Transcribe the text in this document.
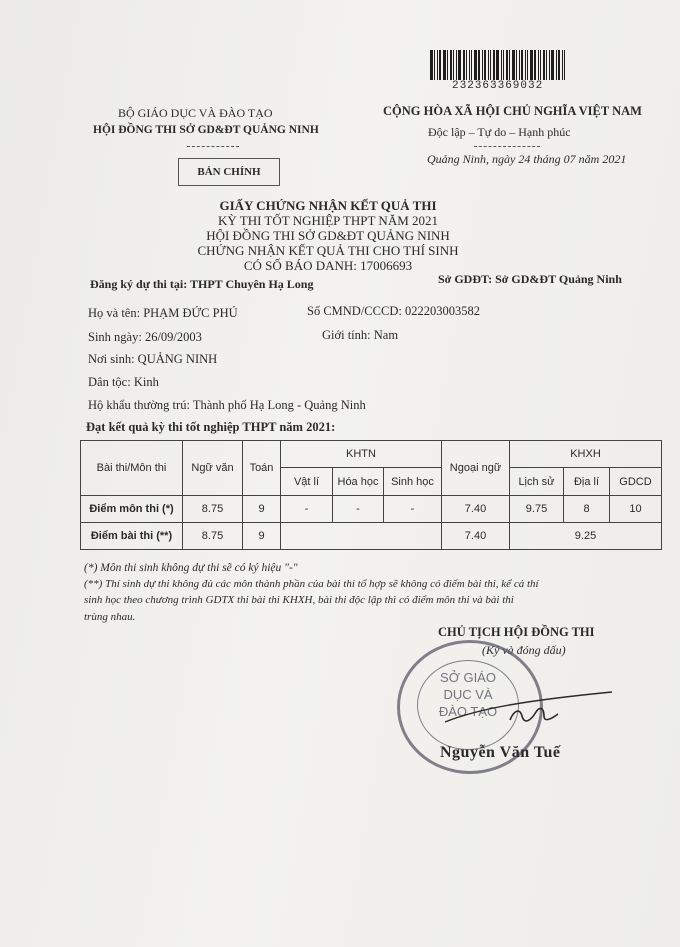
232363369032
BỘ GIÁO DỤC VÀ ĐÀO TẠO
HỘI ĐỒNG THI SỞ GD&ĐT QUẢNG NINH
BẢN CHÍNH
CỘNG HÒA XÃ HỘI CHỦ NGHĨA VIỆT NAM
Độc lập – Tự do – Hạnh phúc
Quảng Ninh, ngày 24 tháng 07 năm 2021
GIẤY CHỨNG NHẬN KẾT QUẢ THI
KỲ THI TỐT NGHIỆP THPT NĂM 2021
HỘI ĐỒNG THI SỞ GD&ĐT QUẢNG NINH
CHỨNG NHẬN KẾT QUẢ THI CHO THÍ SINH
CÓ SỐ BÁO DANH: 17006693
Đăng ký dự thi tại: THPT Chuyên Hạ Long	Sở GDĐT: Sở GD&ĐT Quảng Ninh
Họ và tên: PHẠM ĐỨC PHÚ	Số CMND/CCCD: 022203003582
Sinh ngày: 26/09/2003	Giới tính: Nam
Nơi sinh: QUẢNG NINH
Dân tộc: Kinh
Hộ khẩu thường trú: Thành phố Hạ Long - Quảng Ninh
Đạt kết quả kỳ thi tốt nghiệp THPT năm 2021:
Bài thi/Môn thi	Ngữ văn	Toán	KHTN			Ngoại ngữ	KHXH		
			Vật lí	Hóa học	Sinh học		Lịch sử	Địa lí	GDCD
Điểm môn thi (*)	8.75	9	-	-	-	7.40	9.75	8	10
Điểm bài thi (**)	8.75	9				7.40	9.25		
(*) Môn thi sinh không dự thi sẽ có ký hiệu "-"
(**) Thí sinh dự thi không đủ các môn thành phần của bài thi tổ hợp sẽ không có điểm bài thi, kể cả thí
sinh học theo chương trình GDTX thi bài thi KHXH, bài thi độc lập thì có điểm môn thi và bài thi
trùng nhau.
CHỦ TỊCH HỘI ĐỒNG THI
(Ký và đóng dấu)
SỞ GIÁO DỤC VÀ ĐÀO TẠO
Nguyễn Văn Tuế
